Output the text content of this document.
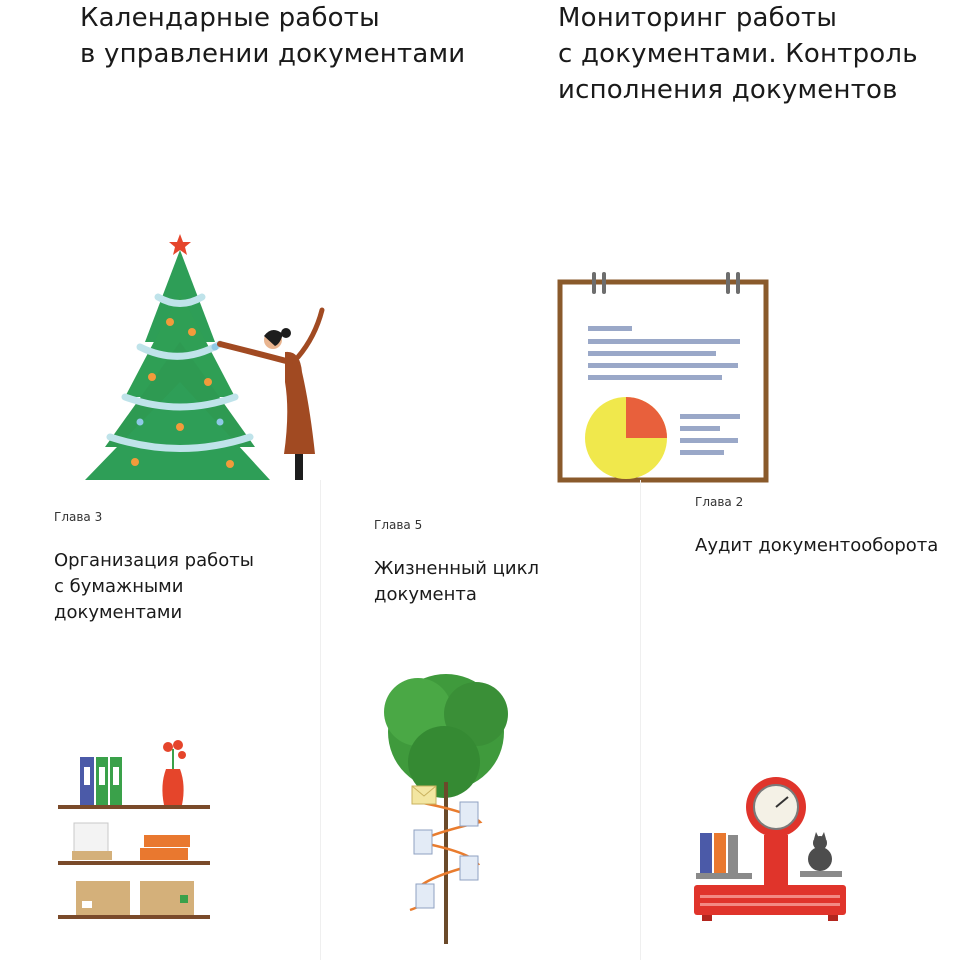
Календарные работы
в управлении документами
Мониторинг работы
с документами. Контроль
исполнения документов
Глава 3
Организация работы
с бумажными
документами
Глава 5
Жизненный цикл
документа
Глава 2
Аудит документооборота
